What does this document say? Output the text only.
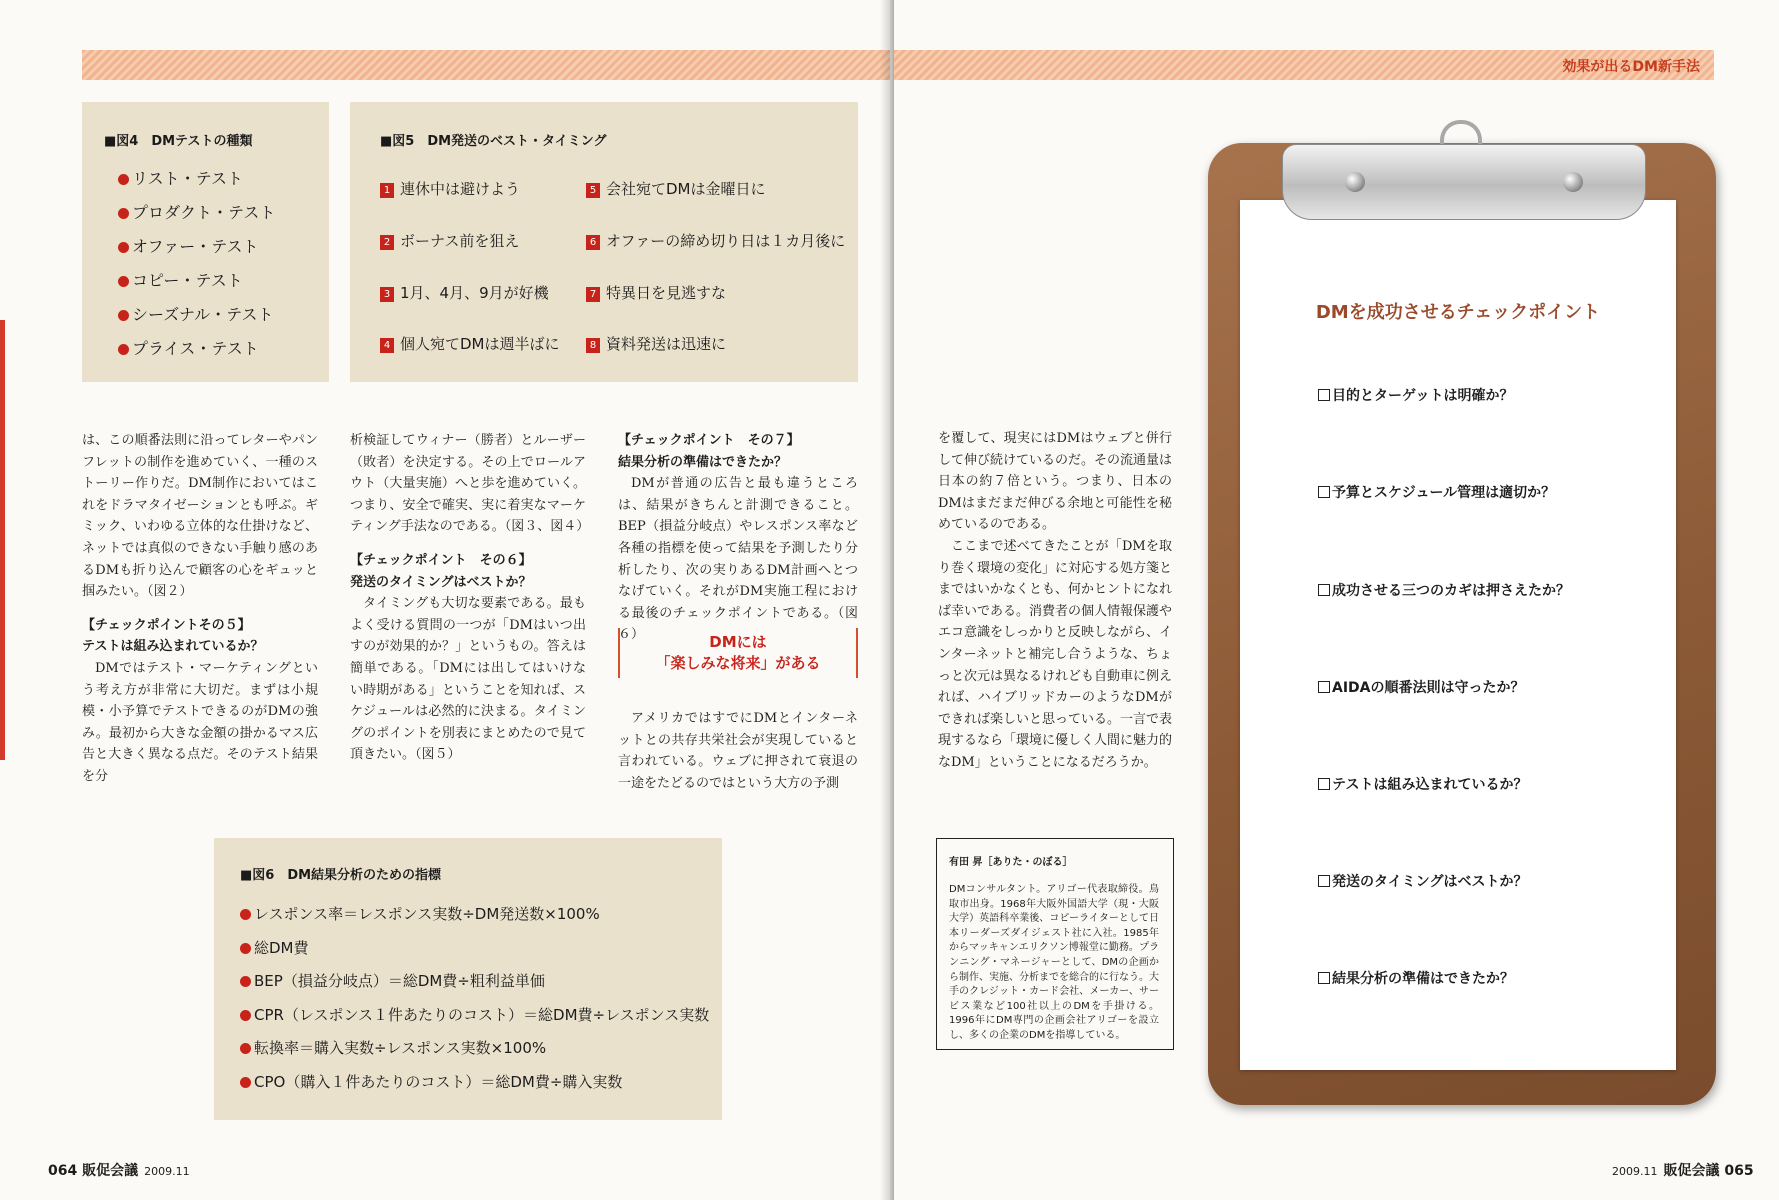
■図4　DMテストの種類
リスト・テスト
プロダクト・テスト
オファー・テスト
コピー・テスト
シーズナル・テスト
プライス・テスト
■図5　DM発送のベスト・タイミング
1 連休中は避けよう
2 ボーナス前を狙え
3 1月、4月、9月が好機
4 個人宛てDMは週半ばに
5 会社宛てDMは金曜日に
6 オファーの締め切り日は１カ月後に
7 特異日を見逃すな
8 資料発送は迅速に

は、この順番法則に沿ってレターやパンフレットの制作を進めていく、一種のストーリー作りだ。DM制作においてはこれをドラマタイゼーションとも呼ぶ。ギミック、いわゆる立体的な仕掛けなど、ネットでは真似のできない手触り感のあるDMも折り込んで顧客の心をギュッと掴みたい。（図２）

【チェックポイントその５】
テストは組み込まれているか？

DMではテスト・マーケティングという考え方が非常に大切だ。まずは小規模・小予算でテストできるのがDMの強み。最初から大きな金額の掛かるマス広告と大きく異なる点だ。そのテスト結果を分

析検証してウィナー（勝者）とルーザー（敗者）を決定する。その上でロールアウト（大量実施）へと歩を進めていく。つまり、安全で確実、実に着実なマーケティング手法なのである。（図３、図４）

【チェックポイント　その６】
発送のタイミングはベストか？

タイミングも大切な要素である。最もよく受ける質問の一つが「DMはいつ出すのが効果的か？」というもの。答えは簡単である。「DMには出してはいけない時期がある」ということを知れば、スケジュールは必然的に決まる。タイミングのポイントを別表にまとめたので見て頂きたい。（図５）

【チェックポイント　その７】
結果分析の準備はできたか？

DMが普通の広告と最も違うところは、結果がきちんと計測できること。BEP（損益分岐点）やレスポンス率など各種の指標を使って結果を予測したり分析したり、次の実りあるDM計画へとつなげていく。それがDM実施工程における最後のチェックポイントである。（図６）

アメリカではすでにDMとインターネットとの共存共栄社会が実現していると言われている。ウェブに押されて衰退の一途をたどるのではという大方の予測

DMには
「楽しみな将来」がある
■図6　DM結果分析のための指標
レスポンス率＝レスポンス実数÷DM発送数×100%
総DM費
BEP（損益分岐点）＝総DM費÷粗利益単価
CPR（レスポンス１件あたりのコスト）＝総DM費÷レスポンス実数
転換率＝購入実数÷レスポンス実数×100%
CPO（購入１件あたりのコスト）＝総DM費÷購入実数
064 販促会議 2009.11
効果が出るDM新手法

を覆して、現実にはDMはウェブと併行して伸び続けているのだ。その流通量は日本の約７倍という。つまり、日本のDMはまだまだ伸びる余地と可能性を秘めているのである。

ここまで述べてきたことが「DMを取り巻く環境の変化」に対応する処方箋とまではいかなくとも、何かヒントになれば幸いである。消費者の個人情報保護やエコ意識をしっかりと反映しながら、インターネットと補完し合うような、ちょっと次元は異なるけれども自動車に例えれば、ハイブリッドカーのようなDMができれば楽しいと思っている。一言で表現するなら「環境に優しく人間に魅力的なDM」ということになるだろうか。

有田 昇［ありた・のぼる］
DMコンサルタント。アリゴー代表取締役。鳥取市出身。1968年大阪外国語大学（現・大阪大学）英語科卒業後、コピーライターとして日本リーダーズダイジェスト社に入社。1985年からマッキャンエリクソン博報堂に勤務。プランニング・マネージャーとして、DMの企画から制作、実施、分析までを総合的に行なう。大手のクレジット・カード会社、メーカー、サービス業など100社以上のDMを手掛ける。1996年にDM専門の企画会社アリゴーを設立し、多くの企業のDMを指導している。
2009.11 販促会議 065
DMを成功させるチェックポイント
目的とターゲットは明確か？
予算とスケジュール管理は適切か？
成功させる三つのカギは押さえたか？
AIDAの順番法則は守ったか？
テストは組み込まれているか？
発送のタイミングはベストか？
結果分析の準備はできたか？
